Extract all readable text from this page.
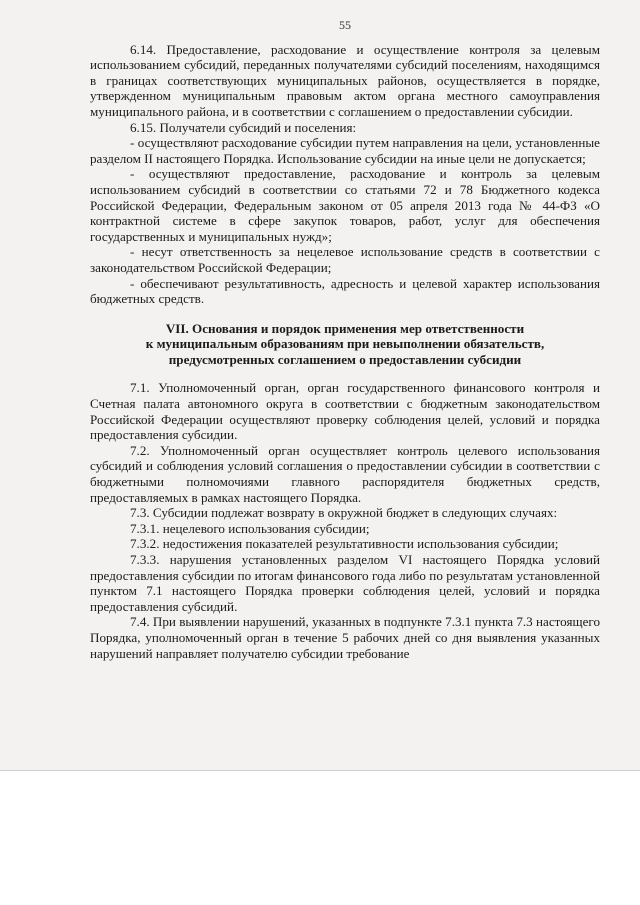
55

6.14. Предоставление, расходование и осуществление контроля за целевым использованием субсидий, переданных получателями субсидий поселениям, находящимся в границах соответствующих муниципальных районов, осуществляется в порядке, утвержденном муниципальным правовым актом органа местного самоуправления муниципального района, и в соответствии с соглашением о предоставлении субсидии.

6.15. Получатели субсидий и поселения:

- осуществляют расходование субсидии путем направления на цели, установленные разделом II настоящего Порядка. Использование субсидии на иные цели не допускается;

- осуществляют предоставление, расходование и контроль за целевым использованием субсидий в соответствии со статьями 72 и 78 Бюджетного кодекса Российской Федерации, Федеральным законом от 05 апреля 2013 года № 44-ФЗ «О контрактной системе в сфере закупок товаров, работ, услуг для обеспечения государственных и муниципальных нужд»;

- несут ответственность за нецелевое использование средств в соответствии с законодательством Российской Федерации;

- обеспечивают результативность, адресность и целевой характер использования бюджетных средств.

VII. Основания и порядок применения мер ответственности
к муниципальным образованиям при невыполнении обязательств,
предусмотренных соглашением о предоставлении субсидии

7.1. Уполномоченный орган, орган государственного финансового контроля и Счетная палата автономного округа в соответствии с бюджетным законодательством Российской Федерации осуществляют проверку соблюдения целей, условий и порядка предоставления субсидии.

7.2. Уполномоченный орган осуществляет контроль целевого использования субсидий и соблюдения условий соглашения о предоставлении субсидии в соответствии с бюджетными полномочиями главного распорядителя бюджетных средств, предоставляемых в рамках настоящего Порядка.

7.3. Субсидии подлежат возврату в окружной бюджет в следующих случаях:

7.3.1. нецелевого использования субсидии;

7.3.2. недостижения показателей результативности использования субсидии;

7.3.3. нарушения установленных разделом VI настоящего Порядка условий предоставления субсидии по итогам финансового года либо по результатам установленной пунктом 7.1 настоящего Порядка проверки соблюдения целей, условий и порядка предоставления субсидий.

7.4. При выявлении нарушений, указанных в подпункте 7.3.1 пункта 7.3 настоящего Порядка, уполномоченный орган в течение 5 рабочих дней со дня выявления указанных нарушений направляет получателю субсидии требование
